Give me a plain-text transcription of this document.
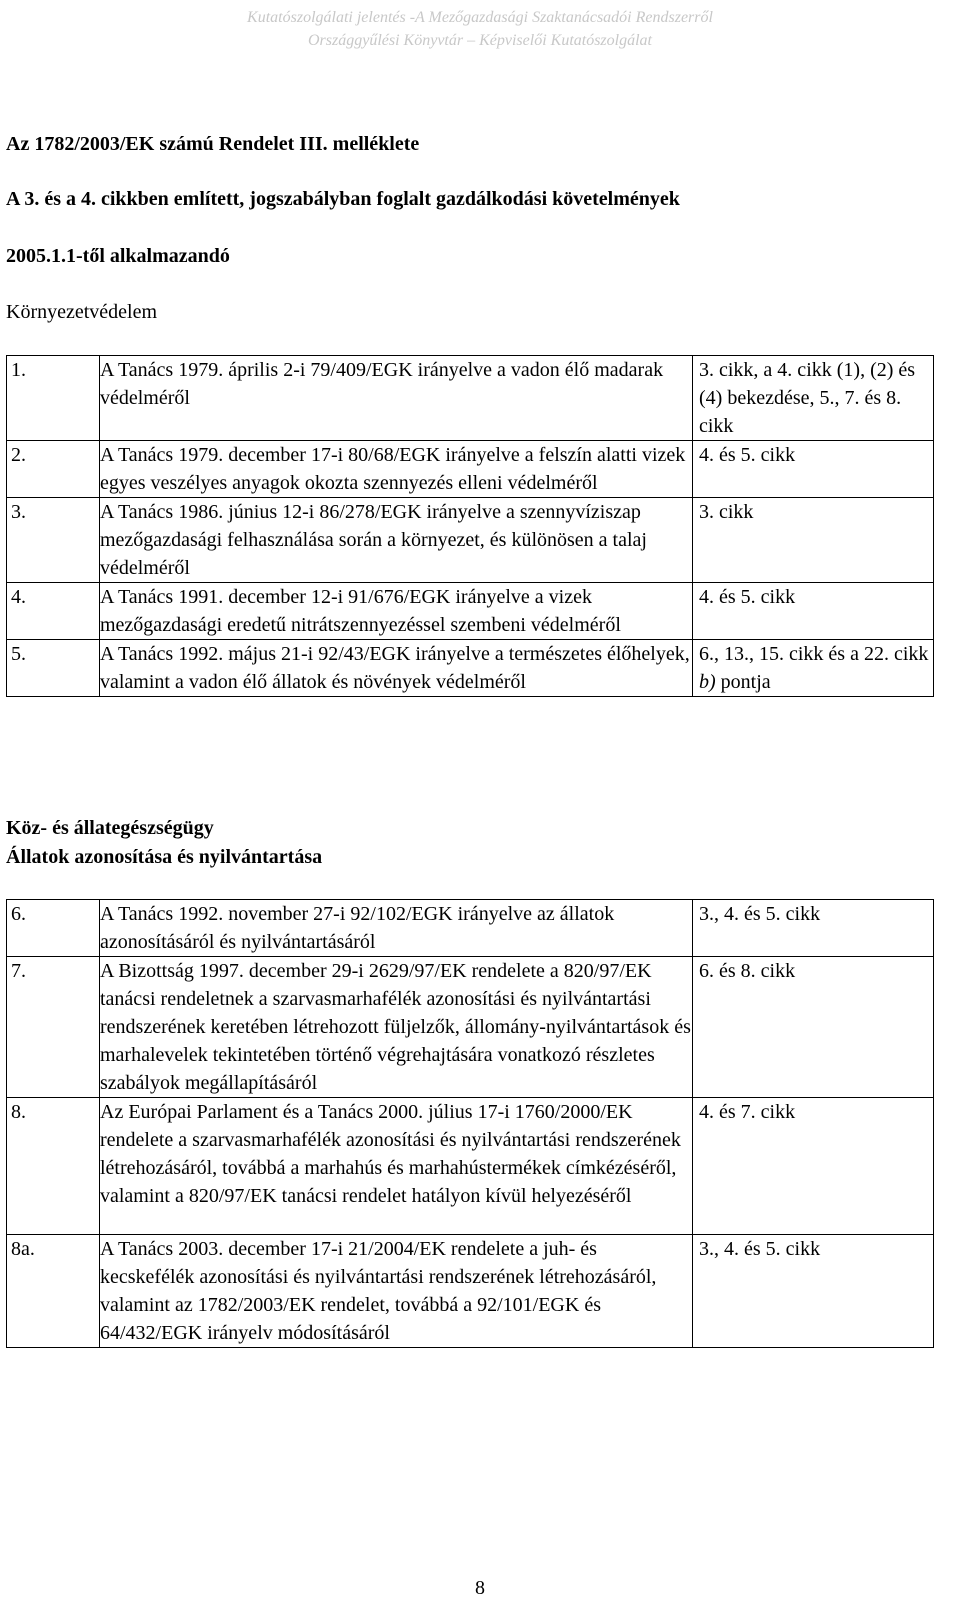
Kutatószolgálati jelentés -A Mezőgazdasági Szaktanácsadói Rendszerről
Országgyűlési Könyvtár – Képviselői Kutatószolgálat
Az 1782/2003/EK számú Rendelet III. melléklete
A 3. és a 4. cikkben említett, jogszabályban foglalt gazdálkodási követelmények
2005.1.1-től alkalmazandó
Környezetvédelem
1.	A Tanács 1979. április 2-i 79/409/EGK irányelve a vadon élő madarak védelméről	3. cikk, a 4. cikk (1), (2) és (4) bekezdése, 5., 7. és 8. cikk
2.	A Tanács 1979. december 17-i 80/68/EGK irányelve a felszín alatti vizek egyes veszélyes anyagok okozta szennyezés elleni védelméről	4. és 5. cikk
3.	A Tanács 1986. június 12-i 86/278/EGK irányelve a szennyvíziszap mezőgazdasági felhasználása során a környezet, és különösen a talaj védelméről	3. cikk
4.	A Tanács 1991. december 12-i 91/676/EGK irányelve a vizek mezőgazdasági eredetű nitrátszennyezéssel szembeni védelméről	4. és 5. cikk
5.	A Tanács 1992. május 21-i 92/43/EGK irányelve a természetes élőhelyek, valamint a vadon élő állatok és növények védelméről	6., 13., 15. cikk és a 22. cikk b) pontja
Köz- és állategészségügy
Állatok azonosítása és nyilvántartása
6.	A Tanács 1992. november 27-i 92/102/EGK irányelve az állatok azonosításáról és nyilvántartásáról	3., 4. és 5. cikk
7.	A Bizottság 1997. december 29-i 2629/97/EK rendelete a 820/97/EK tanácsi rendeletnek a szarvasmarhafélék azonosítási és nyilvántartási rendszerének keretében létrehozott füljelzők, állomány-nyilvántartások és marhalevelek tekintetében történő végrehajtására vonatkozó részletes szabályok megállapításáról	6. és 8. cikk
8.	Az Európai Parlament és a Tanács 2000. július 17-i 1760/2000/EK rendelete a szarvasmarhafélék azonosítási és nyilvántartási rendszerének létrehozásáról, továbbá a marhahús és marhahústermékek címkézéséről, valamint a 820/97/EK tanácsi rendelet hatályon kívül helyezéséről	4. és 7. cikk
8a.	A Tanács 2003. december 17-i 21/2004/EK rendelete a juh- és kecskefélék azonosítási és nyilvántartási rendszerének létrehozásáról, valamint az 1782/2003/EK rendelet, továbbá a 92/101/EGK és 64/432/EGK irányelv módosításáról	3., 4. és 5. cikk
8
